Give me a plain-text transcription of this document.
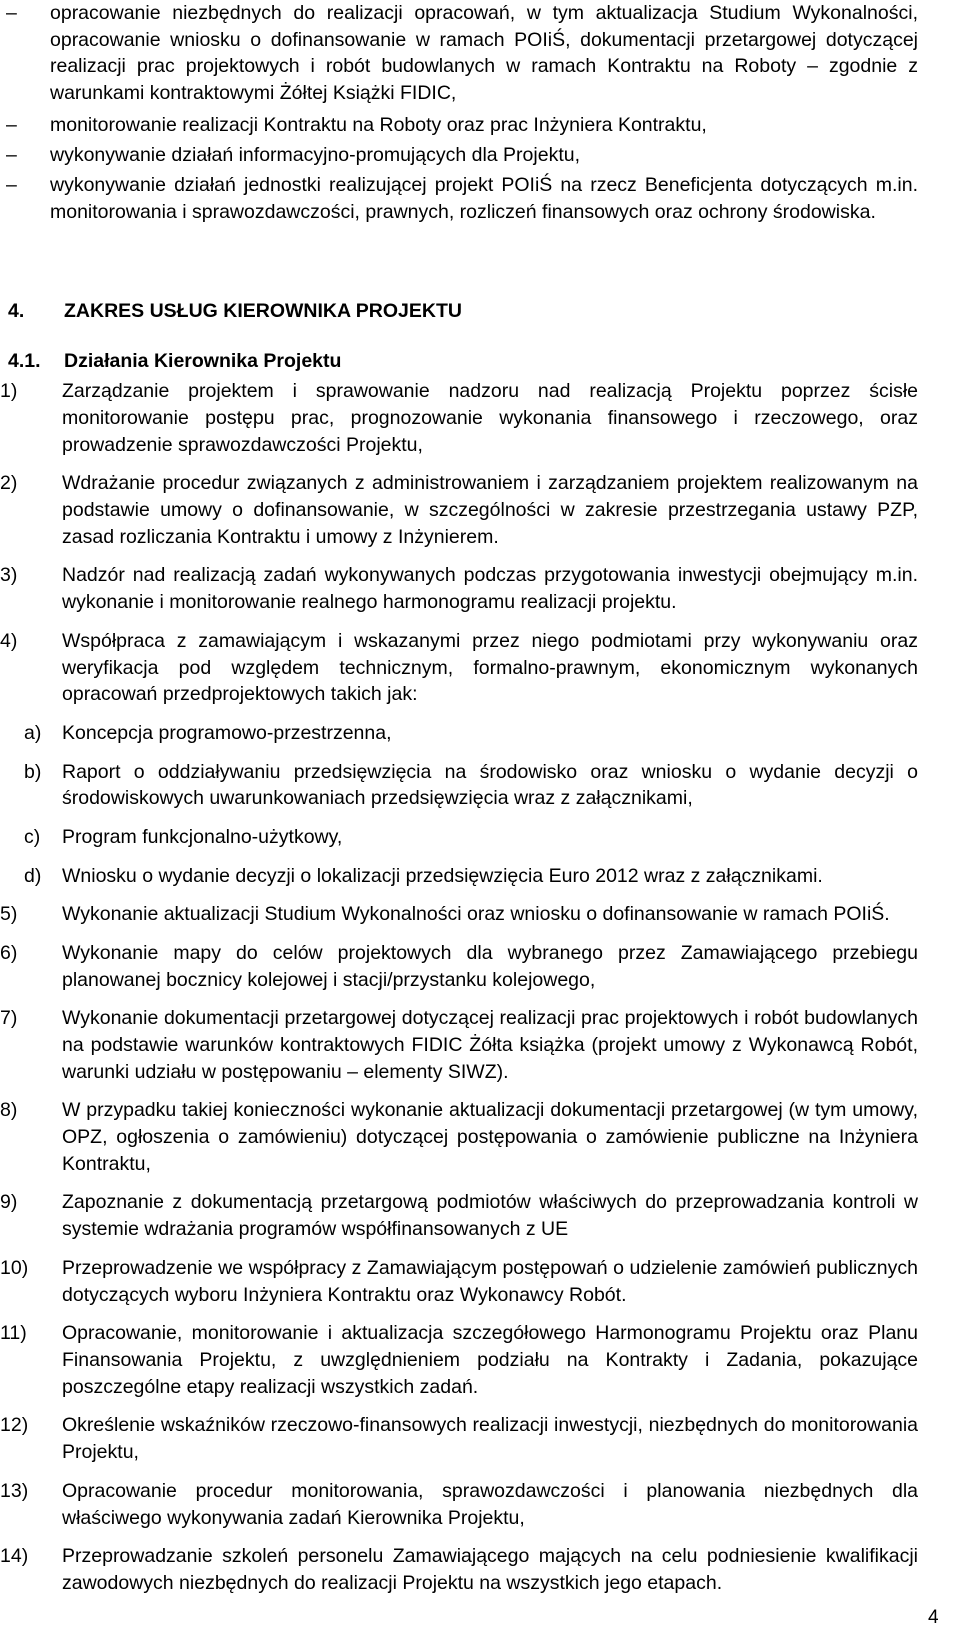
–	opracowanie niezbędnych do realizacji opracowań, w tym aktualizacja Studium Wykonalności, opracowanie wniosku o dofinansowanie w ramach POIiŚ, dokumentacji przetargowej dotyczącej realizacji prac projektowych i robót budowlanych w ramach Kontraktu na Roboty – zgodnie z warunkami kontraktowymi Żółtej Książki FIDIC,
–	monitorowanie realizacji Kontraktu na Roboty oraz prac Inżyniera Kontraktu,
–	wykonywanie działań informacyjno-promujących dla Projektu,
–	wykonywanie działań jednostki realizującej projekt POIiŚ na rzecz Beneficjenta dotyczących m.in. monitorowania i sprawozdawczości, prawnych, rozliczeń finansowych oraz ochrony środowiska.
4. ZAKRES USŁUG KIEROWNIKA PROJEKTU
4.1. Działania Kierownika Projektu
1)	Zarządzanie projektem i sprawowanie nadzoru nad realizacją Projektu poprzez ścisłe monitorowanie postępu prac, prognozowanie wykonania finansowego i rzeczowego, oraz prowadzenie sprawozdawczości Projektu,
2)	Wdrażanie procedur związanych z administrowaniem i zarządzaniem projektem realizowanym na podstawie umowy o dofinansowanie, w szczególności w zakresie przestrzegania ustawy PZP, zasad rozliczania Kontraktu i umowy z Inżynierem.
3)	Nadzór nad realizacją zadań wykonywanych podczas przygotowania inwestycji obejmujący m.in. wykonanie i monitorowanie realnego harmonogramu realizacji projektu.
4)	Współpraca z zamawiającym i wskazanymi przez niego podmiotami przy wykonywaniu oraz weryfikacja pod względem technicznym, formalno-prawnym, ekonomicznym wykonanych opracowań przedprojektowych takich jak:
a) Koncepcja programowo-przestrzenna,
b) Raport o oddziaływaniu przedsięwzięcia na środowisko oraz wniosku o wydanie decyzji o środowiskowych uwarunkowaniach przedsięwzięcia wraz z załącznikami,
c) Program funkcjonalno-użytkowy,
d) Wniosku o wydanie decyzji o lokalizacji przedsięwzięcia Euro 2012 wraz z załącznikami.
5)	Wykonanie aktualizacji Studium Wykonalności oraz wniosku o dofinansowanie w ramach POIiŚ.
6)	Wykonanie mapy do celów projektowych dla wybranego przez Zamawiającego przebiegu planowanej bocznicy kolejowej i stacji/przystanku kolejowego,
7)	Wykonanie dokumentacji przetargowej dotyczącej realizacji prac projektowych i robót budowlanych na podstawie warunków kontraktowych FIDIC Żółta książka (projekt umowy z Wykonawcą Robót, warunki udziału w postępowaniu – elementy SIWZ).
8)	W przypadku takiej konieczności wykonanie aktualizacji dokumentacji przetargowej (w tym umowy, OPZ, ogłoszenia o zamówieniu) dotyczącej postępowania o zamówienie publiczne na Inżyniera Kontraktu,
9)	Zapoznanie z dokumentacją przetargową podmiotów właściwych do przeprowadzania kontroli w systemie wdrażania programów współfinansowanych z UE
10)	Przeprowadzenie we współpracy z Zamawiającym postępowań o udzielenie zamówień publicznych dotyczących wyboru Inżyniera Kontraktu oraz Wykonawcy Robót.
11)	Opracowanie, monitorowanie i aktualizacja szczegółowego Harmonogramu Projektu oraz Planu Finansowania Projektu, z uwzględnieniem podziału na Kontrakty i Zadania, pokazujące poszczególne etapy realizacji wszystkich zadań.
12)	Określenie wskaźników rzeczowo-finansowych realizacji inwestycji, niezbędnych do monitorowania Projektu,
13)	Opracowanie procedur monitorowania, sprawozdawczości i planowania niezbędnych dla właściwego wykonywania zadań Kierownika Projektu,
14)	Przeprowadzanie szkoleń personelu Zamawiającego mających na celu podniesienie kwalifikacji zawodowych niezbędnych do realizacji Projektu na wszystkich jego etapach.
4
